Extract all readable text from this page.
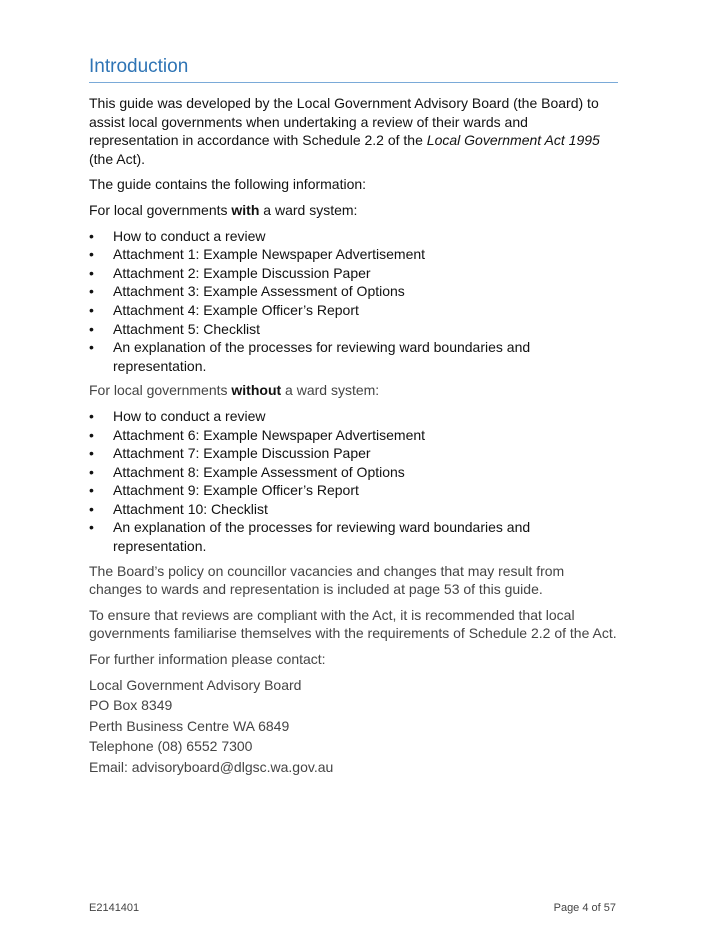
Introduction

This guide was developed by the Local Government Advisory Board (the Board) to assist local governments when undertaking a review of their wards and representation in accordance with Schedule 2.2 of the Local Government Act 1995 (the Act).

The guide contains the following information:

For local governments with a ward system:

• How to conduct a review
• Attachment 1: Example Newspaper Advertisement
• Attachment 2: Example Discussion Paper
• Attachment 3: Example Assessment of Options
• Attachment 4: Example Officer’s Report
• Attachment 5: Checklist
• An explanation of the processes for reviewing ward boundaries and representation.

For local governments without a ward system:

• How to conduct a review
• Attachment 6: Example Newspaper Advertisement
• Attachment 7: Example Discussion Paper
• Attachment 8: Example Assessment of Options
• Attachment 9: Example Officer’s Report
• Attachment 10: Checklist
• An explanation of the processes for reviewing ward boundaries and representation.

The Board’s policy on councillor vacancies and changes that may result from changes to wards and representation is included at page 53 of this guide.

To ensure that reviews are compliant with the Act, it is recommended that local governments familiarise themselves with the requirements of Schedule 2.2 of the Act.

For further information please contact:

Local Government Advisory Board

PO Box 8349

Perth Business Centre WA 6849

Telephone (08) 6552 7300

Email: advisoryboard@dlgsc.wa.gov.au

E2141401	Page 4 of 57
